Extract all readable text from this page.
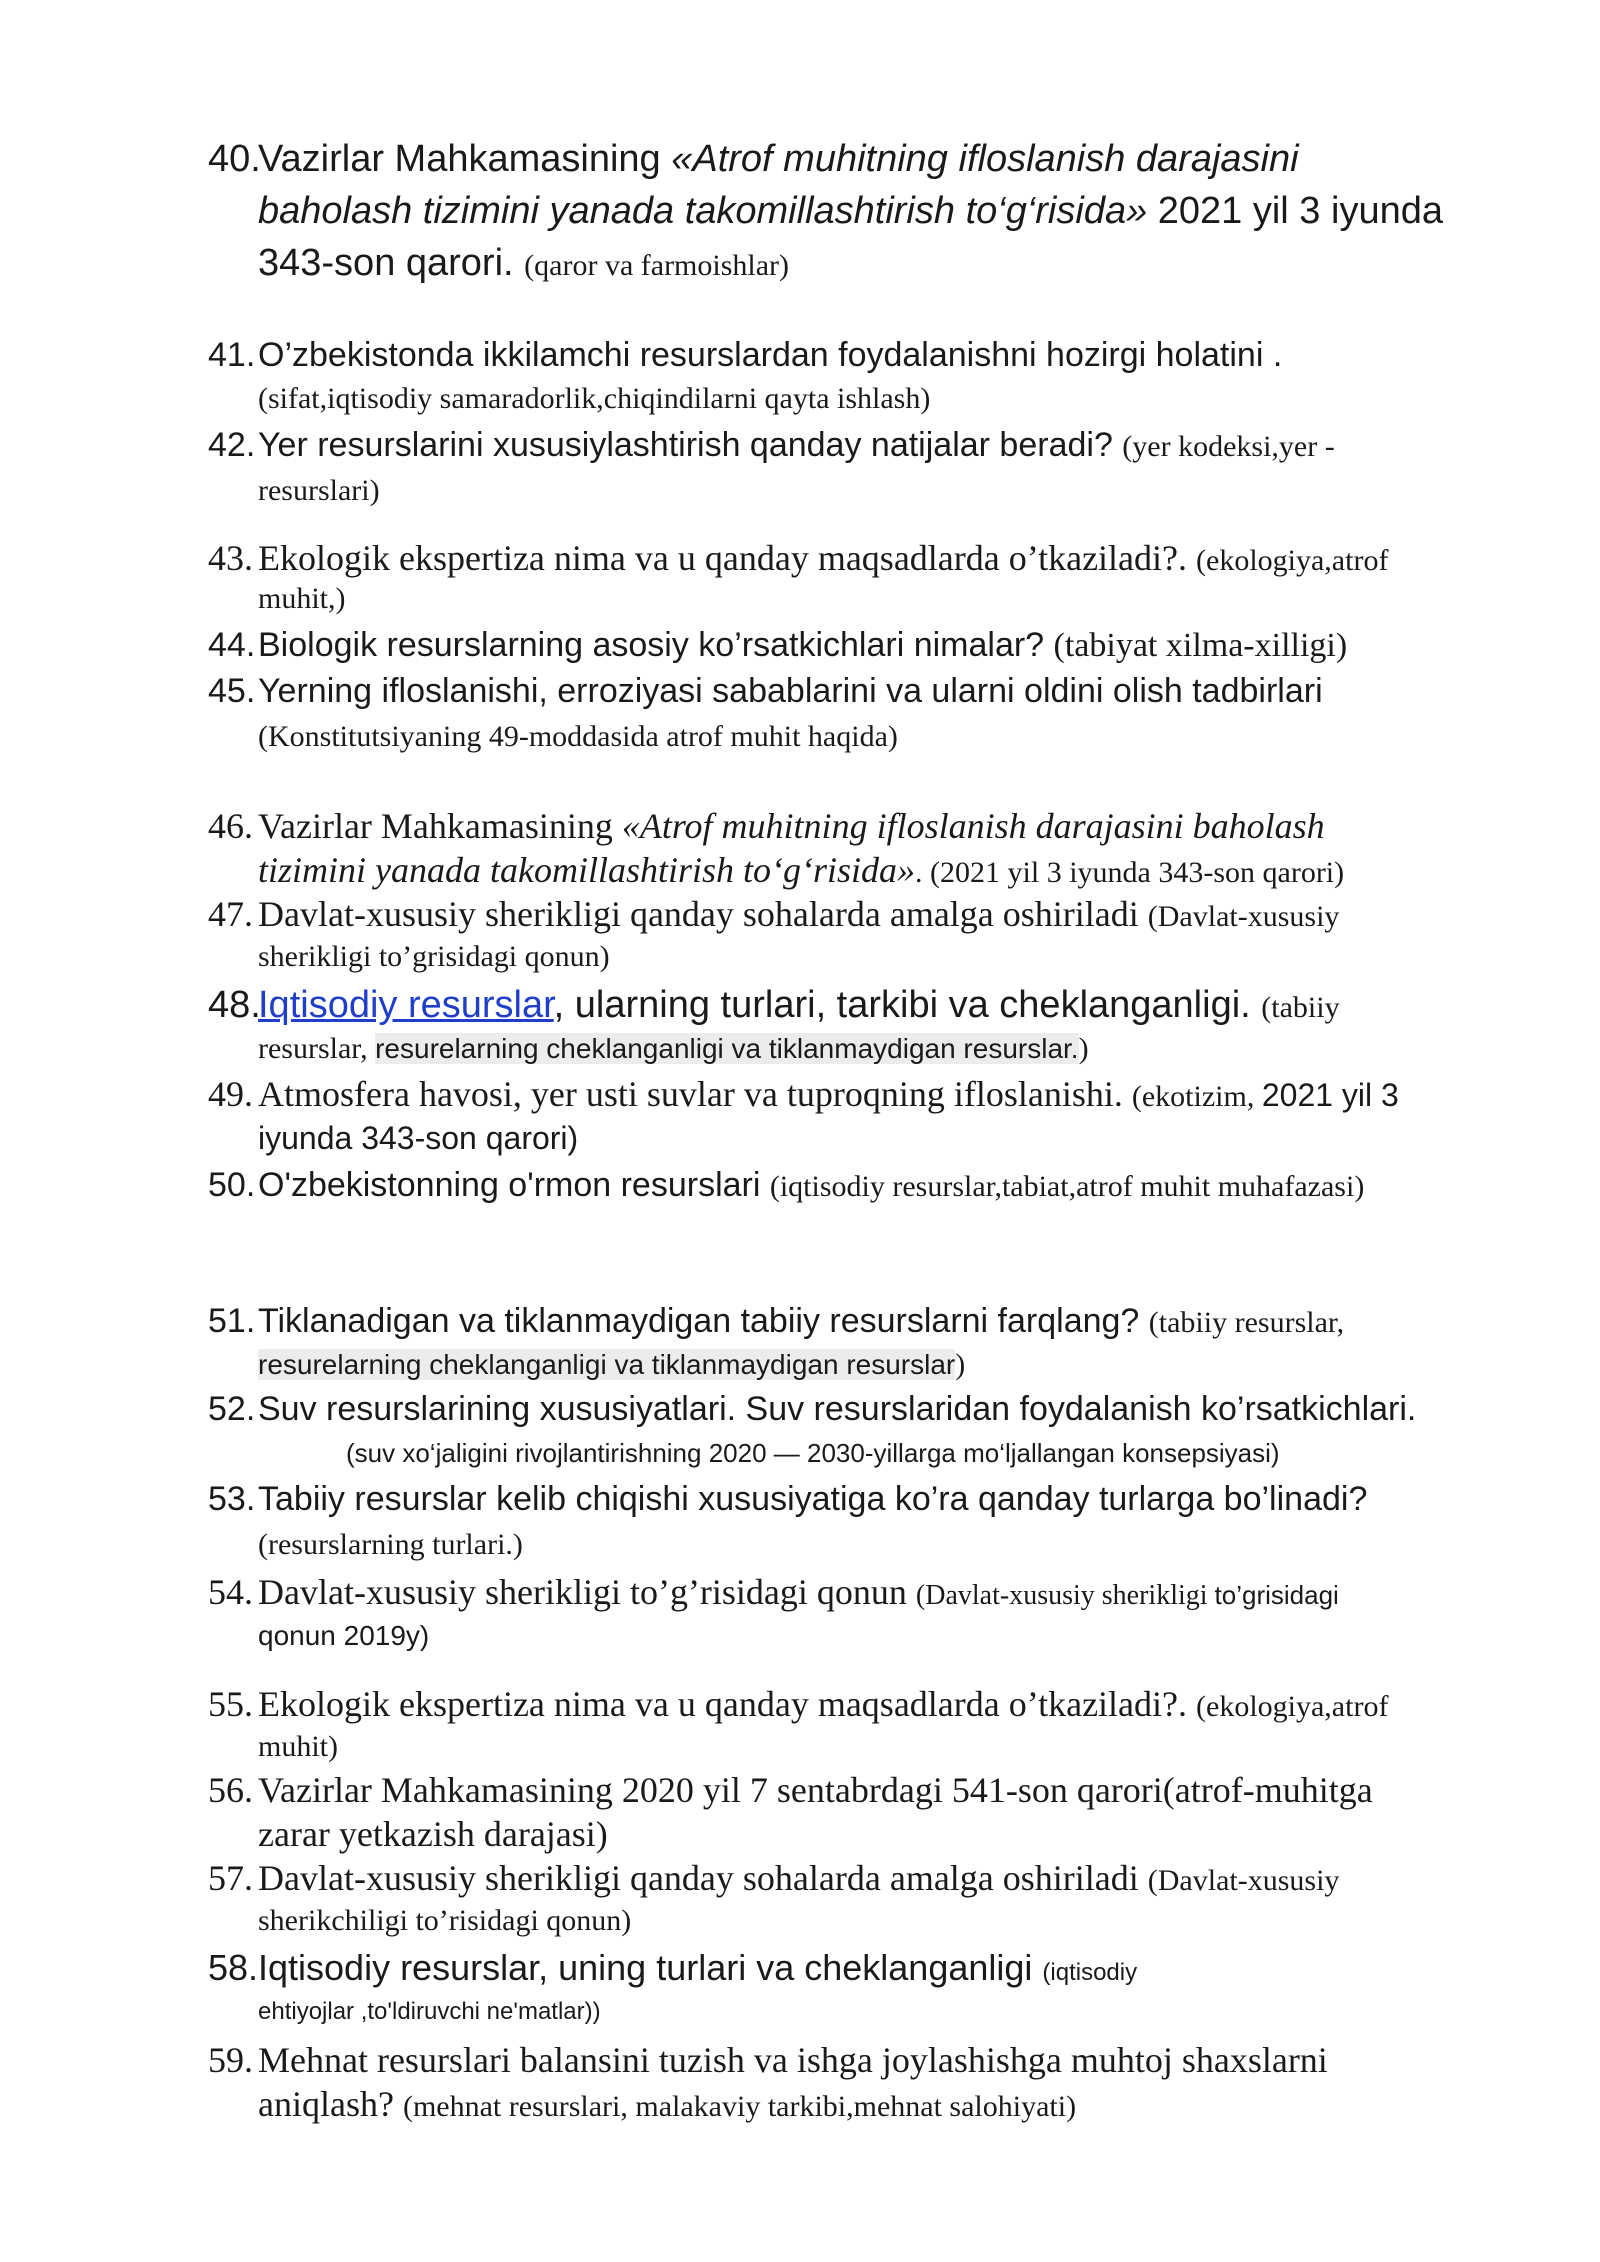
40.
Vazirlar Mahkamasining «Atrof muhitning ifloslanish darajasini
baholash tizimini yanada takomillashtirish to‘g‘risida» 2021 yil 3 iyunda
343-son qarori. (qaror va farmoishlar)
41. O’zbekistonda ikkilamchi resurslardan foydalanishni hozirgi holatini .
(sifat,iqtisodiy samaradorlik,chiqindilarni qayta ishlash)
42. Yer resurslarini xususiylashtirish qanday natijalar beradi? (yer kodeksi,yer -
resurslari)
43. Ekologik ekspertiza nima va u qanday maqsadlarda o’tkaziladi?. (ekologiya,atrof
muhit,)
44. Biologik resurslarning asosiy ko’rsatkichlari nimalar? (tabiyat xilma-xilligi)
45. Yerning ifloslanishi, erroziyasi sabablarini va ularni oldini olish tadbirlari
(Konstitutsiyaning 49-moddasida atrof muhit haqida)
46. Vazirlar Mahkamasining «Atrof muhitning ifloslanish darajasini baholash
tizimini yanada takomillashtirish to‘g‘risida». (2021 yil 3 iyunda 343-son qarori)
47. Davlat-xususiy sherikligi qanday sohalarda amalga oshiriladi (Davlat-xususiy
sherikligi to’grisidagi qonun)
48.
Iqtisodiy resurslar, ularning turlari, tarkibi va cheklanganligi. (tabiiy
resurslar, resurelarning cheklanganligi va tiklanmaydigan resurslar.)
49. Atmosfera havosi, yer usti suvlar va tuproqning ifloslanishi. (ekotizim, 2021 yil 3
iyunda 343-son qarori)
50. O'zbekistonning o'rmon resurslari (iqtisodiy resurslar,tabiat,atrof muhit muhafazasi)
51. Tiklanadigan va tiklanmaydigan tabiiy resurslarni farqlang? (tabiiy resurslar,
resurelarning cheklanganligi va tiklanmaydigan resurslar)
52. Suv resurslarining xususiyatlari. Suv resurslaridan foydalanish ko’rsatkichlari.
(suv xo‘jaligini rivojlantirishning 2020 — 2030-yillarga mo‘ljallangan konsepsiyasi)
53. Tabiiy resurslar kelib chiqishi xususiyatiga ko’ra qanday turlarga bo’linadi?
(resurslarning turlari.)
54. Davlat-xususiy sherikligi to’g’risidagi qonun (Davlat-xususiy sherikligi to’grisidagi
qonun 2019y)
55. Ekologik ekspertiza nima va u qanday maqsadlarda o’tkaziladi?. (ekologiya,atrof
muhit)
56. Vazirlar Mahkamasining 2020 yil 7 sentabrdagi 541-son qarori(atrof-muhitga
zarar yetkazish darajasi)
57. Davlat-xususiy sherikligi qanday sohalarda amalga oshiriladi (Davlat-xususiy
sherikchiligi to’risidagi qonun)
58. Iqtisodiy resurslar, uning turlari va cheklanganligi (iqtisodiy
ehtiyojlar ,to'ldiruvchi ne'matlar))
59. Mehnat resurslari balansini tuzish va ishga joylashishga muhtoj shaxslarni
aniqlash? (mehnat resurslari, malakaviy tarkibi,mehnat salohiyati)
